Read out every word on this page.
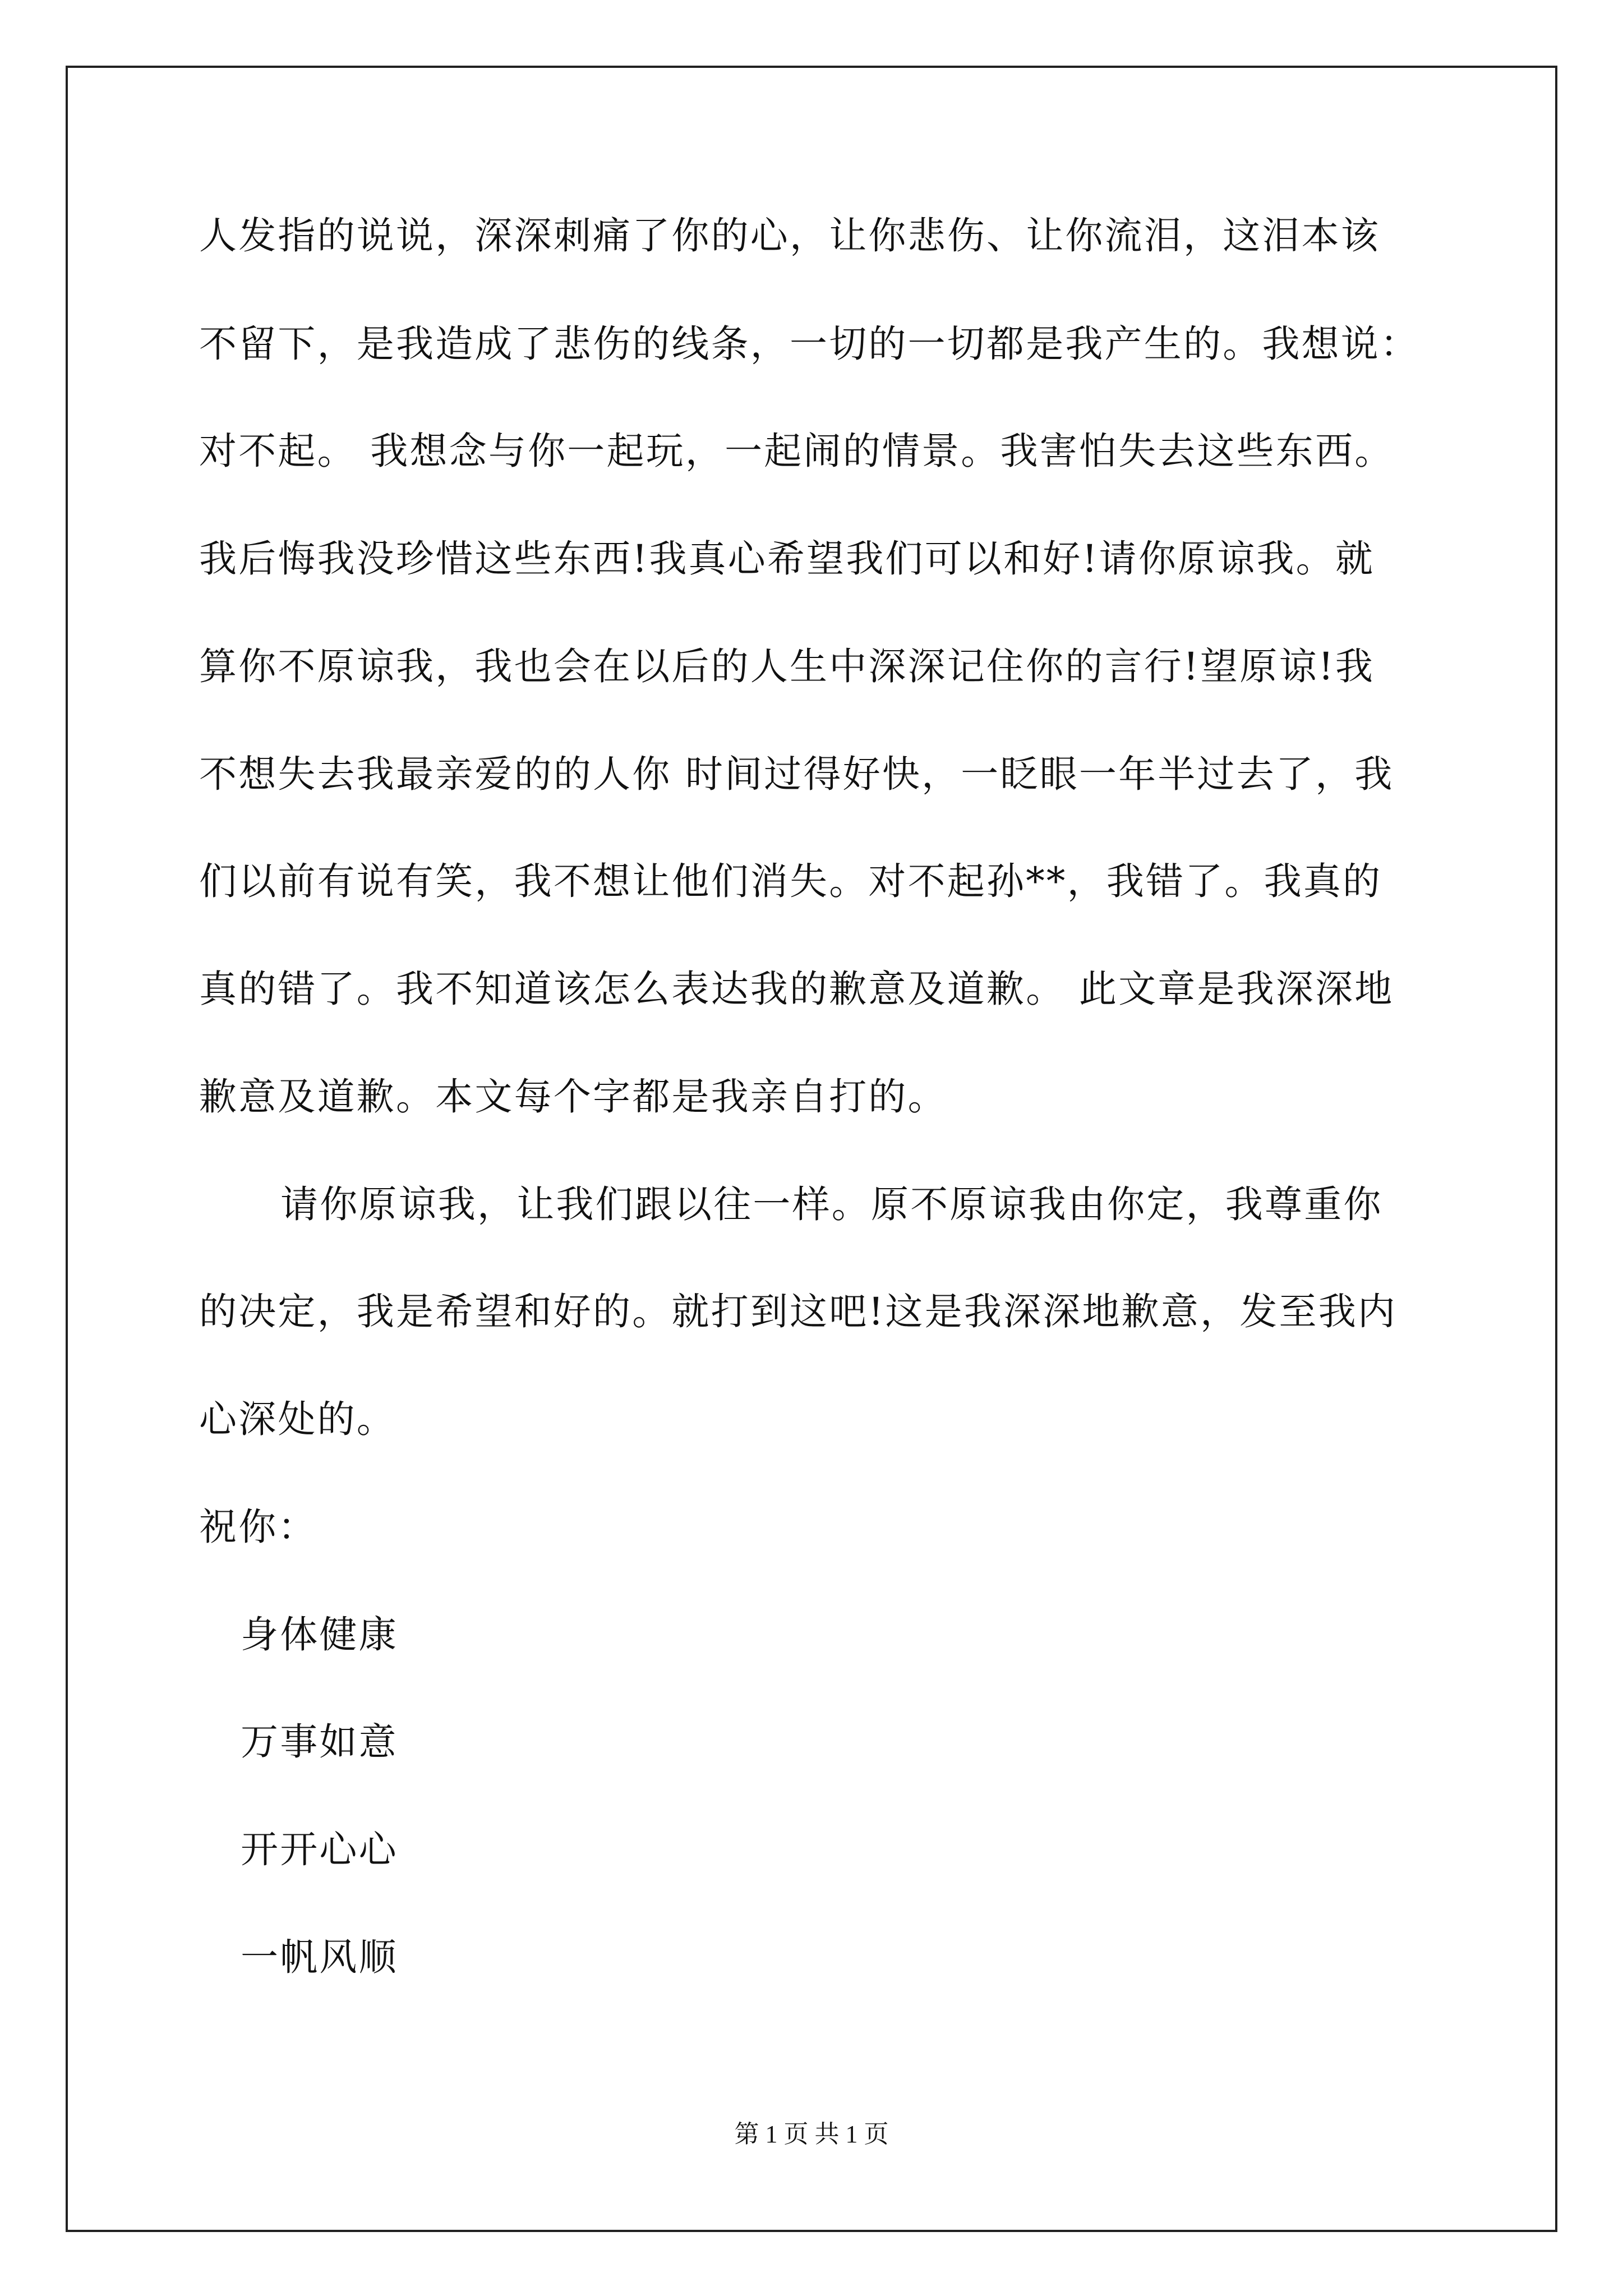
人发指的说说，深深刺痛了你的心，让你悲伤、让你流泪，这泪本该
不留下，是我造成了悲伤的线条，一切的一切都是我产生的。我想说：
对不起。 我想念与你一起玩，一起闹的情景。我害怕失去这些东西。
我后悔我没珍惜这些东西!我真心希望我们可以和好!请你原谅我。就
算你不原谅我，我也会在以后的人生中深深记住你的言行!望原谅!我
不想失去我最亲爱的的人你 时间过得好快，一眨眼一年半过去了，我
们以前有说有笑，我不想让他们消失。对不起孙**，我错了。我真的
真的错了。我不知道该怎么表达我的歉意及道歉。 此文章是我深深地
歉意及道歉。本文每个字都是我亲自打的。
请你原谅我，让我们跟以往一样。原不原谅我由你定，我尊重你
的决定，我是希望和好的。就打到这吧!这是我深深地歉意，发至我内
心深处的。
祝你：
身体健康
万事如意
开开心心
一帆风顺
第 1 页 共 1 页
